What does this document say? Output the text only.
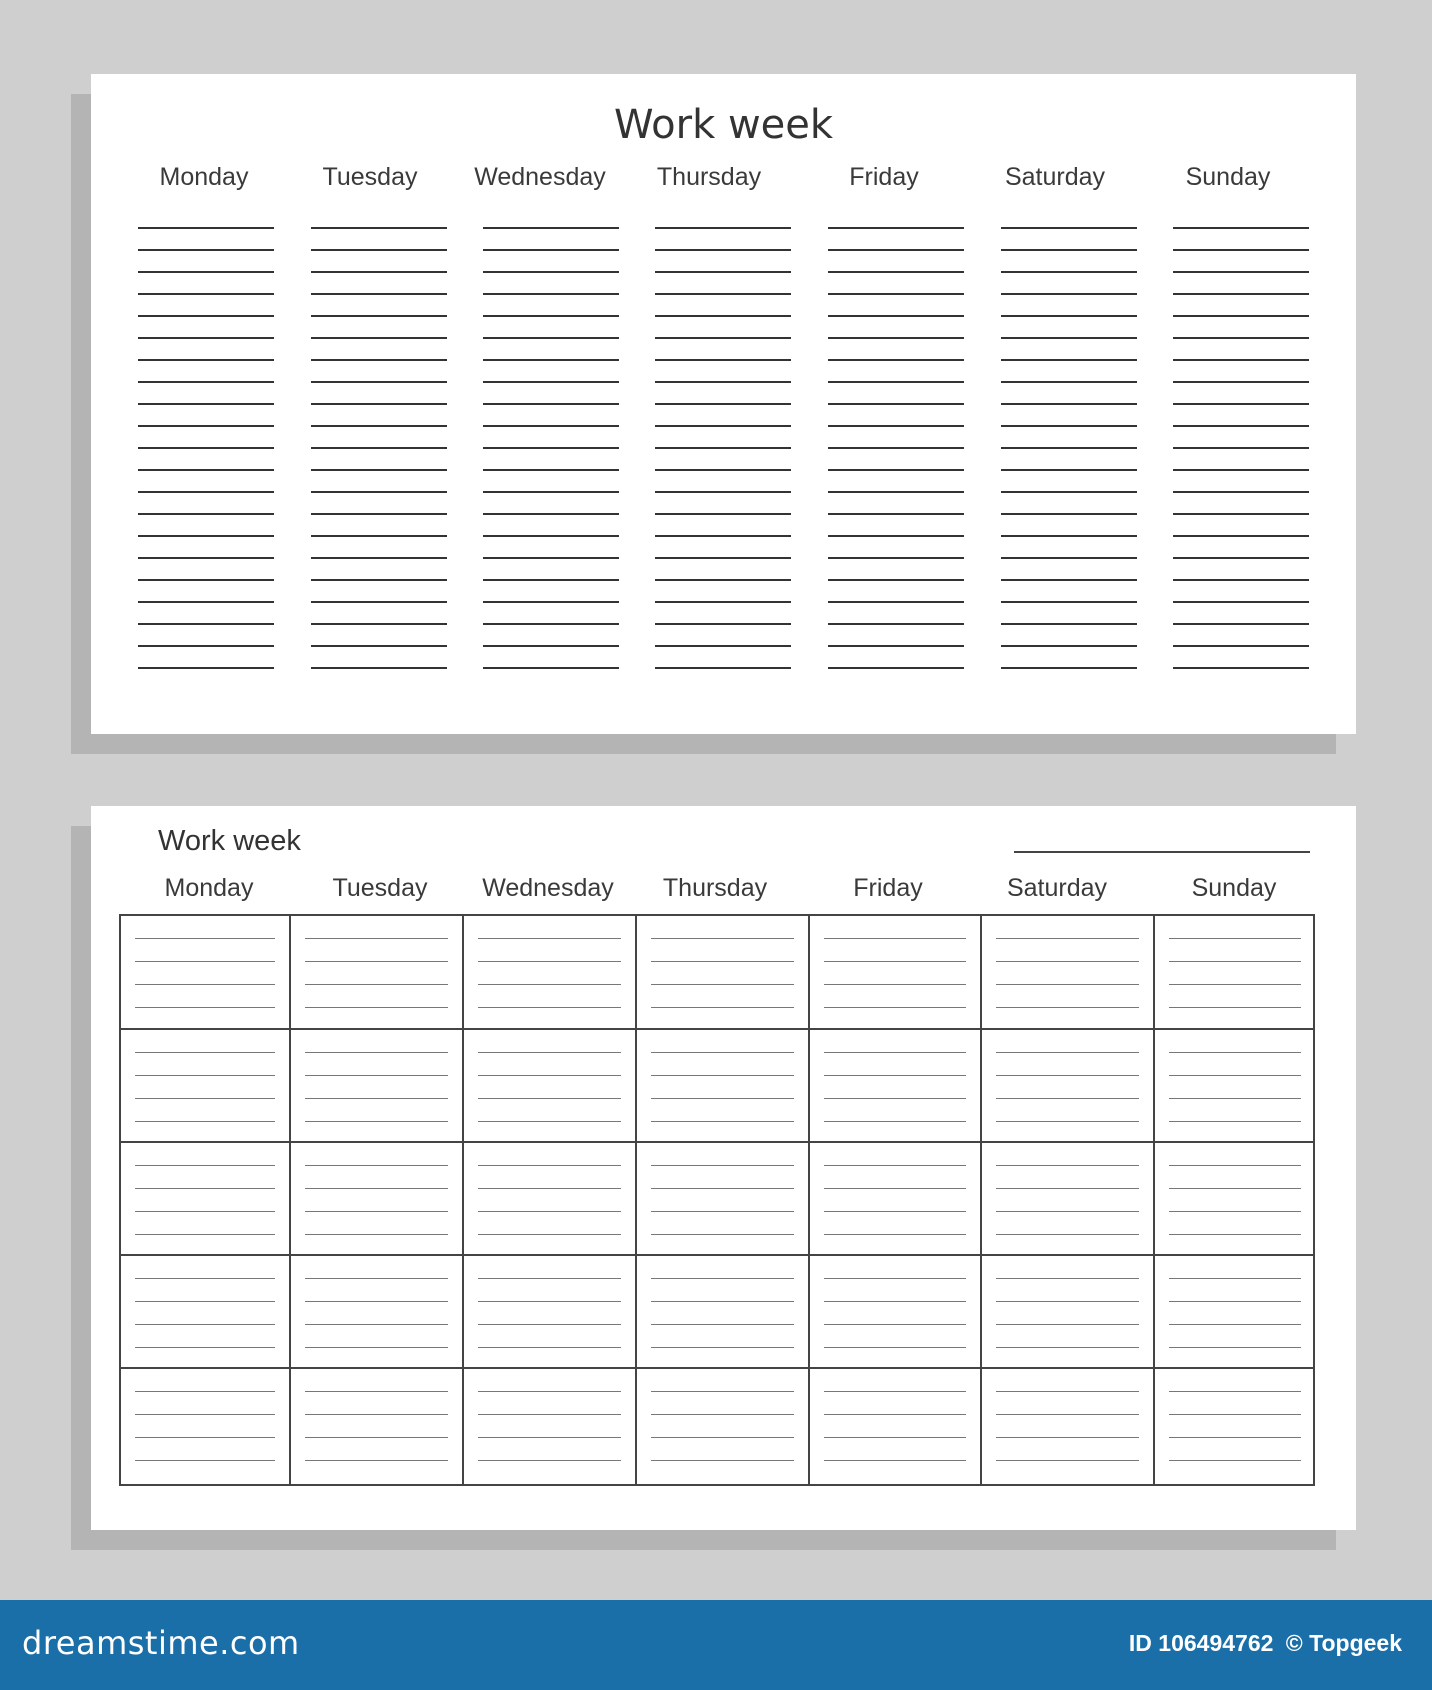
Work week
Monday	Tuesday	Wednesday	Thursday	Friday	Saturday	Sunday
Work week
Monday	Tuesday	Wednesday	Thursday	Friday	Saturday	Sunday
dreamstime.com	ID 106494762 © Topgeek
